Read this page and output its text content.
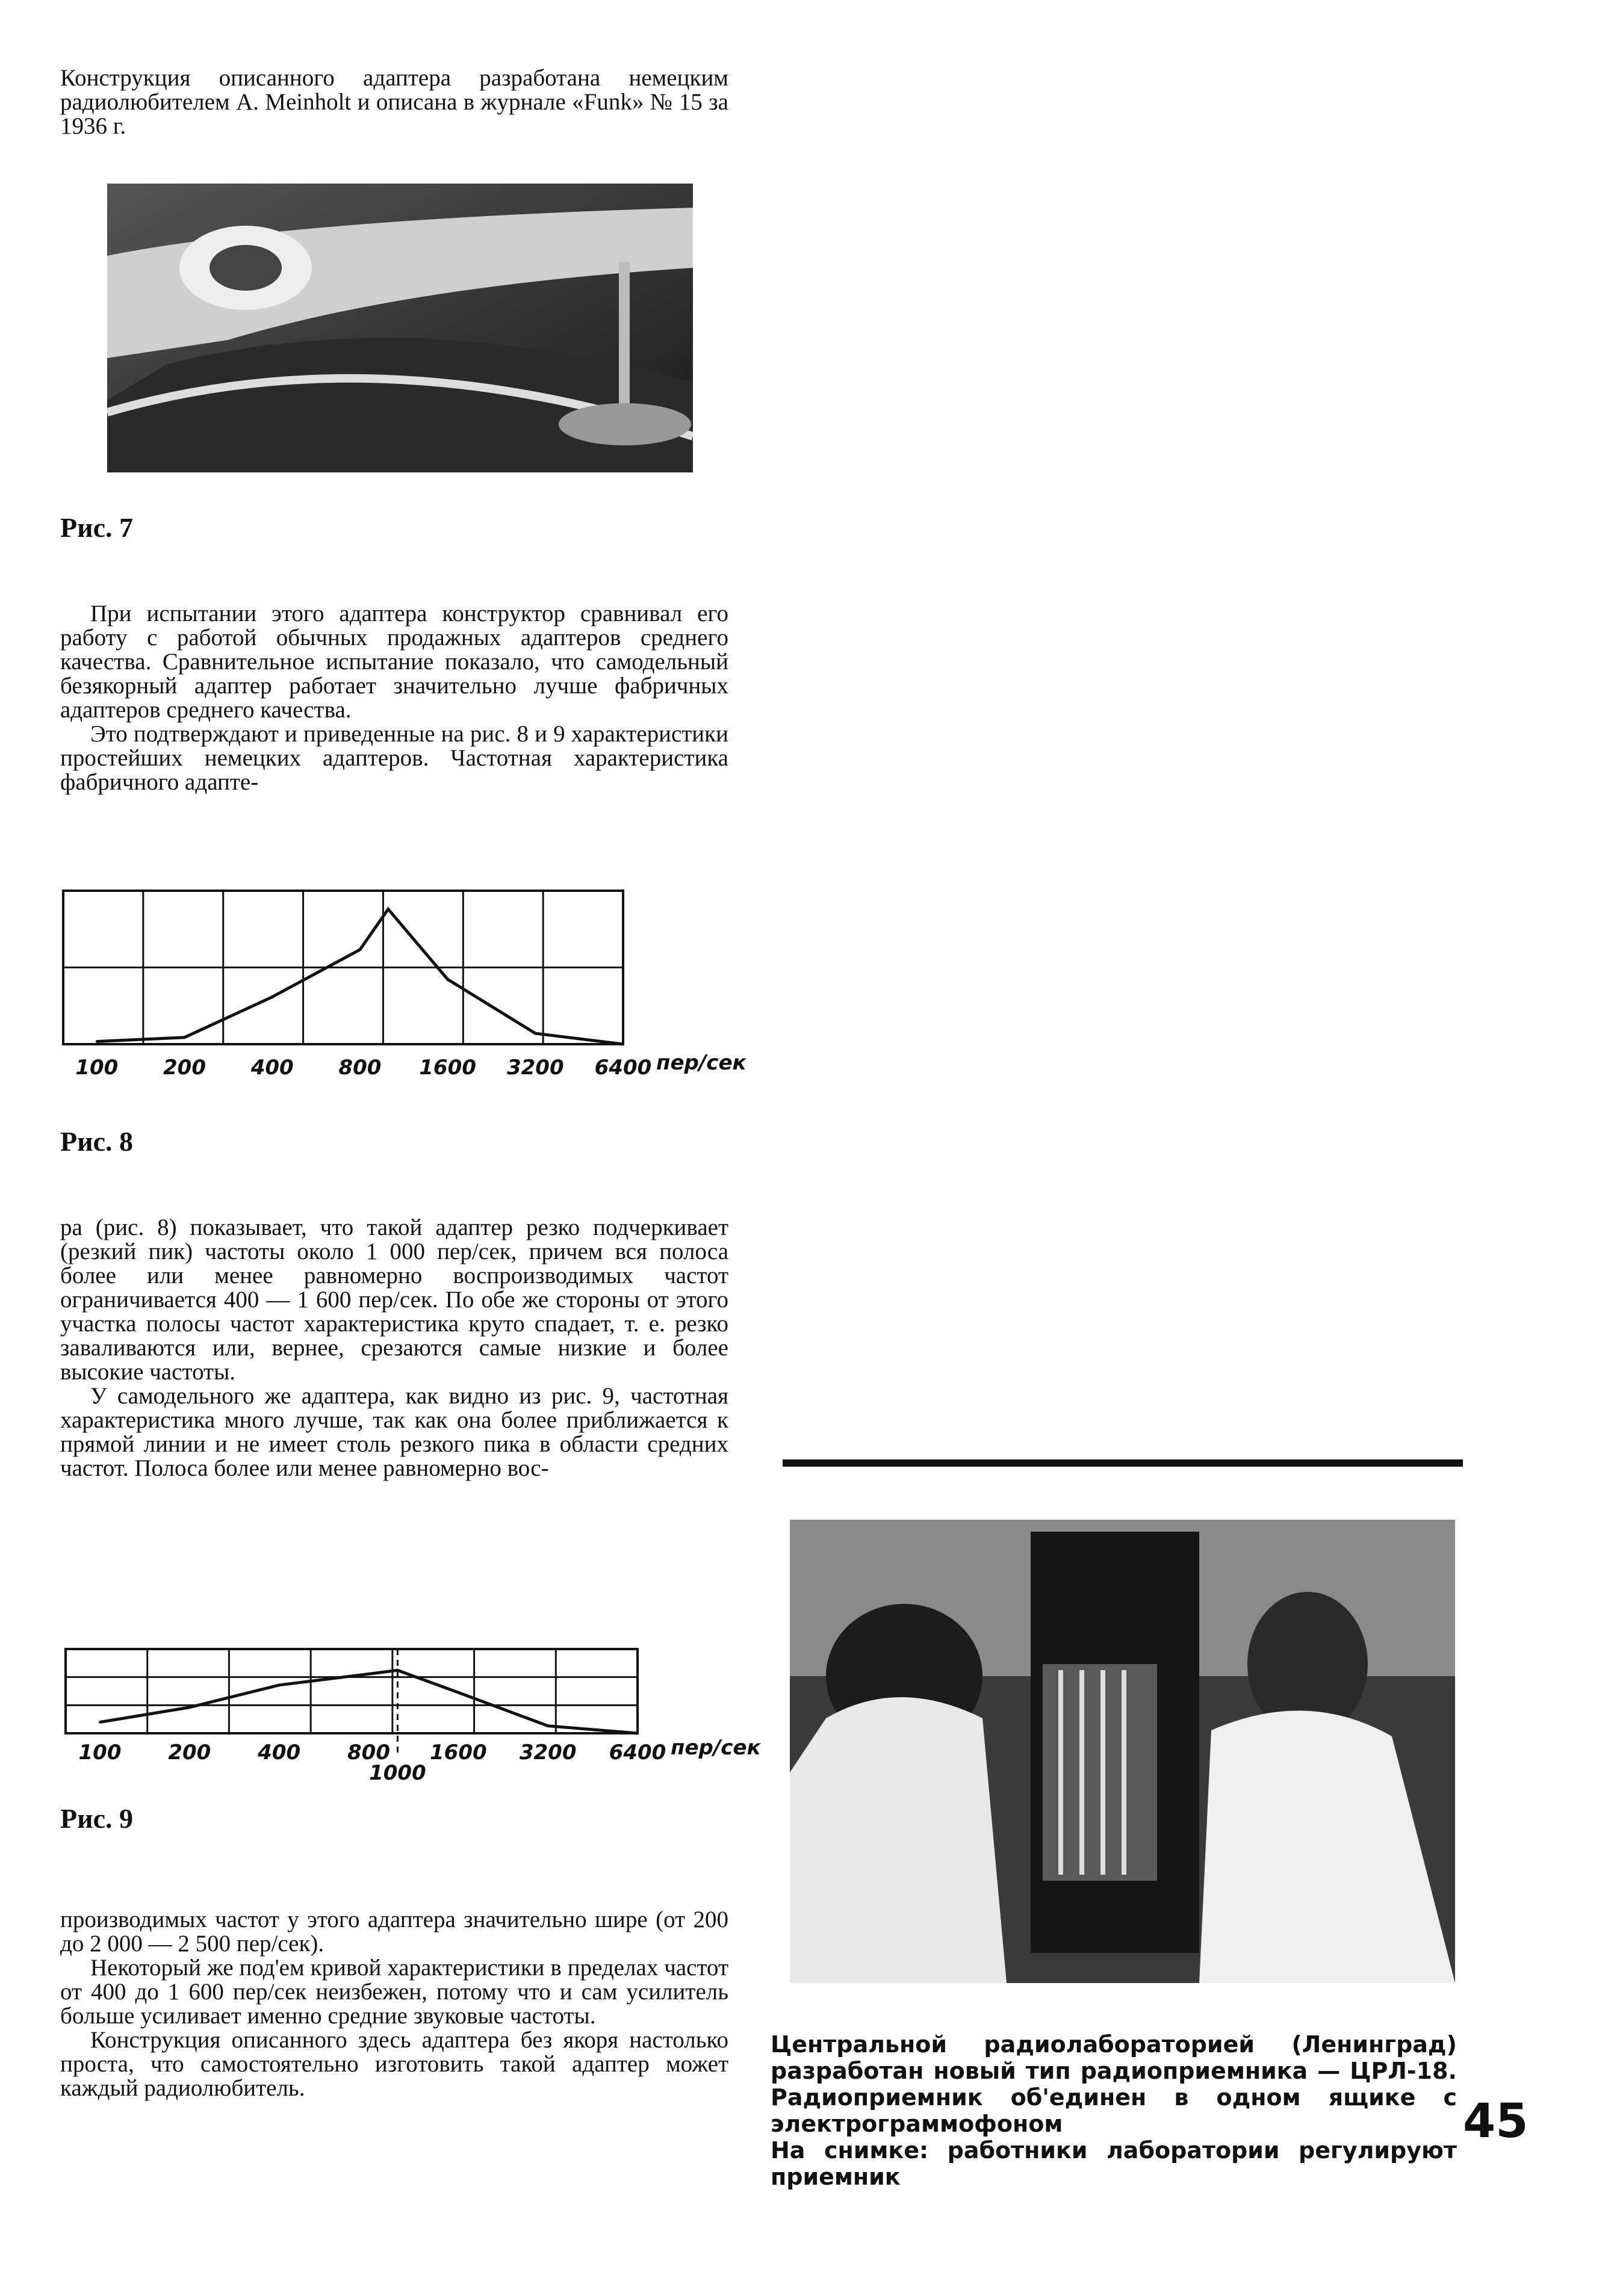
Конструкция описанного адаптера разработана немецким радиолюбителем A. Meinholt и описана в журнале «Funk» № 15 за 1936 г.

Рис. 7

При испытании этого адаптера конструктор сравнивал его работу с работой обычных продажных адаптеров среднего качества. Сравнительное испытание показало, что самодельный безякорный адаптер работает значительно лучше фабричных адаптеров среднего качества.

Это подтверждают и приведенные на рис. 8 и 9 характеристики простейших немецких адаптеров. Частотная характеристика фабричного адапте-

100 200 400 800 1600 3200 6400 пер/сек
Рис. 8

ра (рис. 8) показывает, что такой адаптер резко подчеркивает (резкий пик) частоты около 1 000 пер/сек, причем вся полоса более или менее равномерно воспроизводимых частот ограничивается 400 — 1 600 пер/сек. По обе же стороны от этого участка полосы частот характеристика круто спадает, т. е. резко заваливаются или, вернее, срезаются самые низкие и более высокие частоты.

У самодельного же адаптера, как видно из рис. 9, частотная характеристика много лучше, так как она более приближается к прямой линии и не имеет столь резкого пика в области средних частот. Полоса более или менее равномерно вос-

100 200 400 800 1600 3200 6400 пер/сек
1000
Рис. 9

производимых частот у этого адаптера значительно шире (от 200 до 2 000 — 2 500 пер/сек).

Некоторый же под'ем кривой характеристики в пределах частот от 400 до 1 600 пер/сек неизбежен, потому что и сам усилитель больше усиливает именно средние звуковые частоты.

Конструкция описанного здесь адаптера без якоря настолько проста, что самостоятельно изготовить такой адаптер может каждый радиолюбитель.

Центральной радиолабораторией (Ленинград) разработан новый тип радиоприемника — ЦРЛ-18. Радиоприемник об'единен в одном ящике с электрограммофоном
На снимке: работники лаборатории регулируют приемник
45
